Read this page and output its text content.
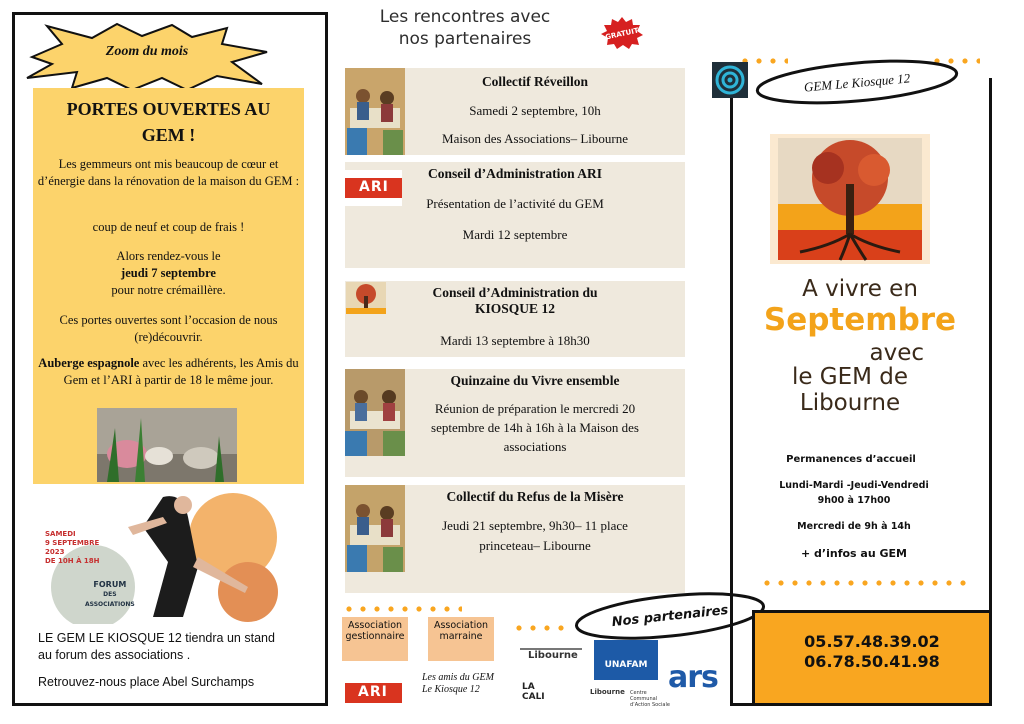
Zoom du mois
PORTES OUVERTES AU
GEM !
Les gemmeurs ont mis beaucoup de cœur et d’énergie dans la rénovation de la maison du GEM :
coup de neuf et coup de frais !
Alors rendez-vous le
jeudi 7 septembre
pour notre crémaillère.
Ces portes ouvertes sont l’occasion de nous (re)découvrir.
Auberge espagnole avec les adhérents, les Amis du Gem et l’ARI à partir de 18 le même jour.
SAMEDI
9 SEPTEMBRE
2023
DE 10H À 18H
FORUM
DES
ASSOCIATIONS
LE GEM LE KIOSQUE 12 tiendra un stand
au forum des associations .
Retrouvez-nous place Abel Surchamps
Les rencontres avec
nos partenaires	GRATUIT
Collectif Réveillon
Samedi 2 septembre, 10h
Maison des Associations– Libourne
Conseil d’Administration ARI
Présentation de l’activité du GEM
Mardi 12 septembre
ARI
Conseil d’Administration du
KIOSQUE 12
Mardi 13 septembre à 18h30
Quinzaine du Vivre ensemble
Réunion de préparation le mercredi 20
septembre de 14h à 16h à la Maison des
associations
Collectif du Refus de la Misère
Jeudi 21 septembre, 9h30– 11 place
princeteau– Libourne
Association gestionnaire
Association marraine
Nos partenaires
ARI
Les amis du GEM
Le Kiosque 12
Libourne
UNAFAM ars
LA CALI	Libourne Centre Communal d’Action Sociale
GEM Le Kiosque 12
A vivre en
Septembre
avec
le GEM de
Libourne
Permanences d’accueil
Lundi-Mardi -Jeudi-Vendredi
9h00 à 17h00
Mercredi de 9h à 14h
+ d’infos au GEM
05.57.48.39.02
06.78.50.41.98
